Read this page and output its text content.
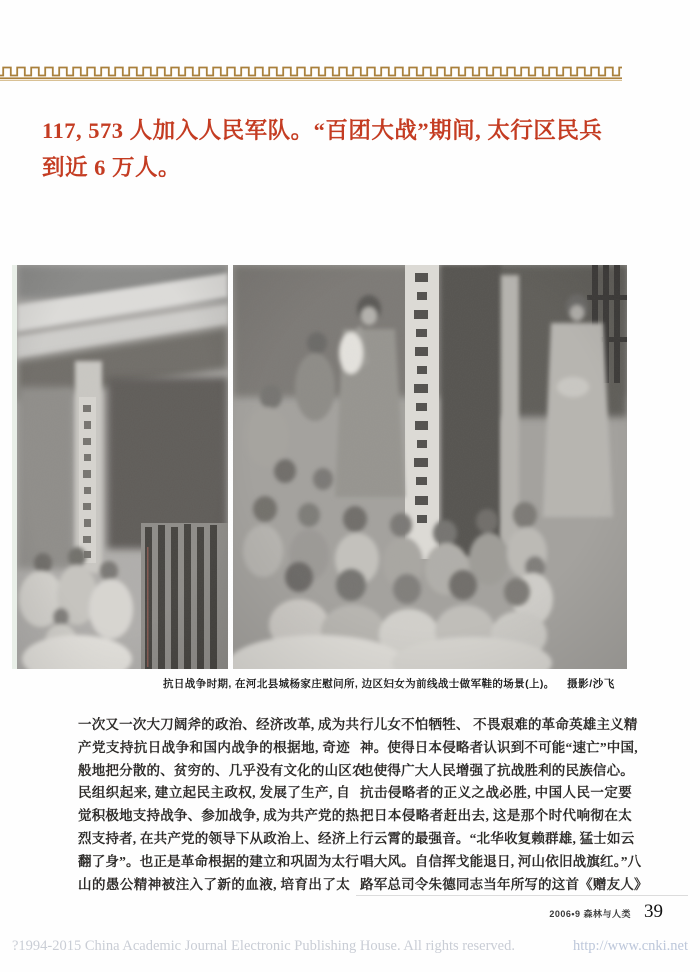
117, 573 人加入人民军队。“百团大战”期间, 太行区民兵
到近 6 万人。
抗日战争时期, 在河北县城杨家庄慰问所, 边区妇女为前线战士做军鞋的场景(上)。 摄影/沙飞
一次又一次大刀阔斧的政治、经济改革, 成为共
产党支持抗日战争和国内战争的根据地, 奇迹
般地把分散的、贫穷的、几乎没有文化的山区农
民组织起来, 建立起民主政权, 发展了生产, 自
觉积极地支持战争、参加战争, 成为共产党的热
烈支持者, 在共产党的领导下从政治上、经济上
翻了身”。也正是革命根据的建立和巩固为太行
山的愚公精神被注入了新的血液, 培育出了太
行儿女不怕牺牲、 不畏艰难的革命英雄主义精
神。使得日本侵略者认识到不可能“速亡”中国,
也使得广大人民增强了抗战胜利的民族信心。
抗击侵略者的正义之战必胜, 中国人民一定要
把日本侵略者赶出去, 这是那个时代响彻在太
行云霄的最强音。“北华收复赖群雄, 猛士如云
唱大风。自信挥戈能退日, 河山依旧战旗红。”八
路军总司令朱德同志当年所写的这首《赠友人》
2006•9 森林与人类 39
?1994-2015 China Academic Journal Electronic Publishing House. All rights reserved.	http://www.cnki.net
